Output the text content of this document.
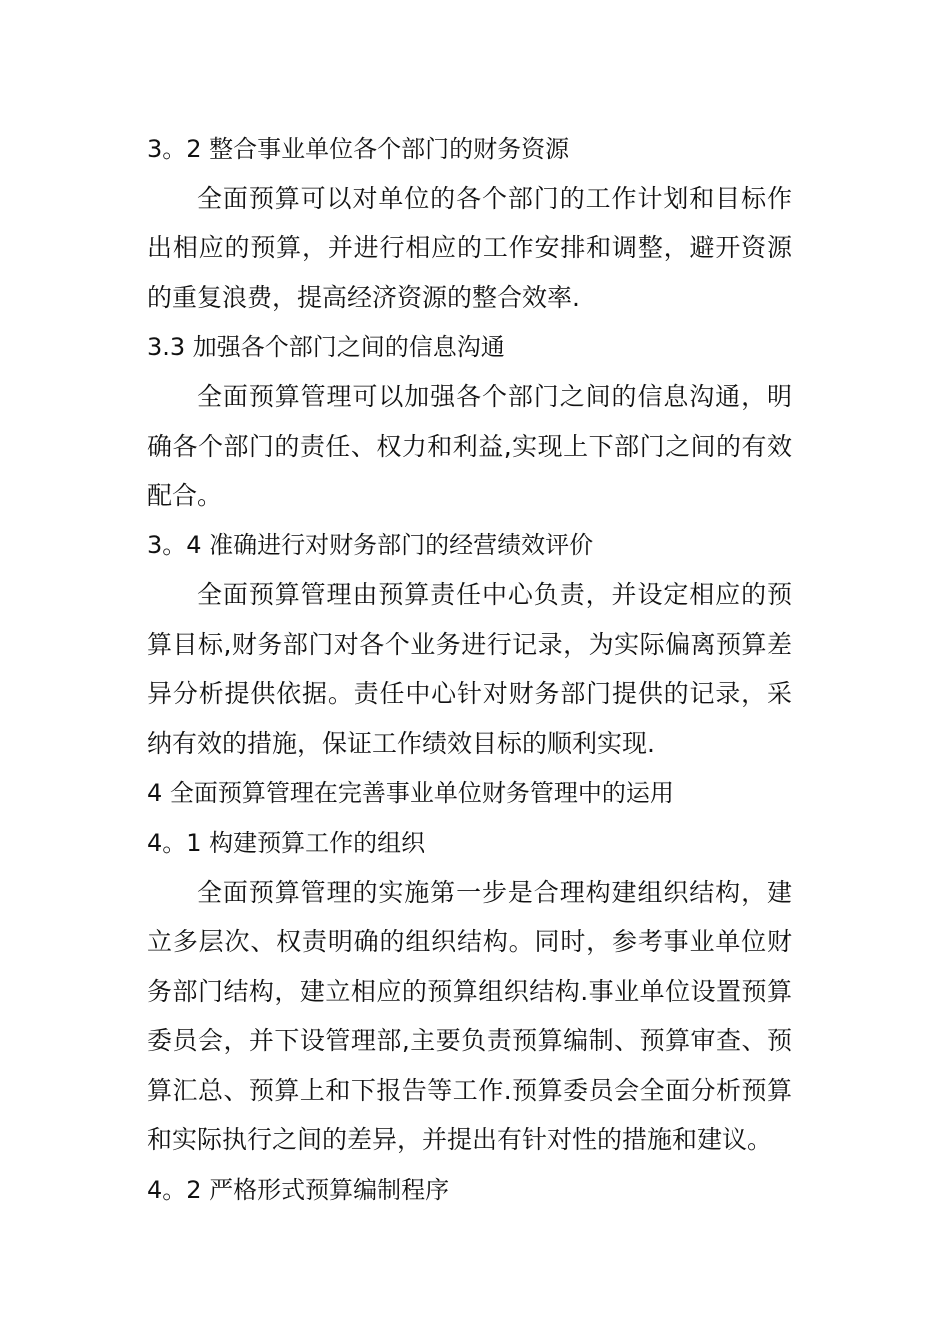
3。2 整合事业单位各个部门的财务资源

全面预算可以对单位的各个部门的工作计划和目标作出相应的预算，并进行相应的工作安排和调整，避开资源的重复浪费，提高经济资源的整合效率.

3.3 加强各个部门之间的信息沟通

全面预算管理可以加强各个部门之间的信息沟通，明确各个部门的责任、权力和利益,实现上下部门之间的有效配合。

3。4 准确进行对财务部门的经营绩效评价

全面预算管理由预算责任中心负责，并设定相应的预算目标,财务部门对各个业务进行记录，为实际偏离预算差异分析提供依据。责任中心针对财务部门提供的记录，采纳有效的措施，保证工作绩效目标的顺利实现.

4 全面预算管理在完善事业单位财务管理中的运用
4。1 构建预算工作的组织

全面预算管理的实施第一步是合理构建组织结构，建立多层次、权责明确的组织结构。同时，参考事业单位财务部门结构，建立相应的预算组织结构.事业单位设置预算委员会，并下设管理部,主要负责预算编制、预算审查、预算汇总、预算上和下报告等工作.预算委员会全面分析预算和实际执行之间的差异，并提出有针对性的措施和建议。

4。2 严格形式预算编制程序
